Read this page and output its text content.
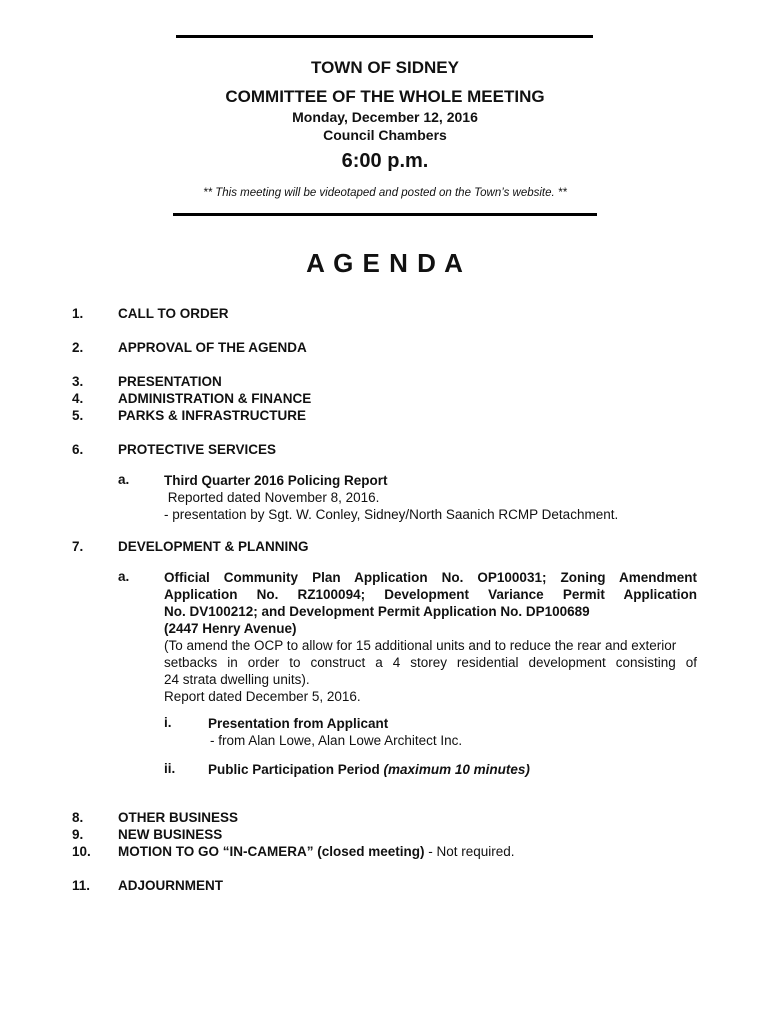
TOWN OF SIDNEY
COMMITTEE OF THE WHOLE MEETING
Monday, December 12, 2016
Council Chambers
6:00 p.m.
** This meeting will be videotaped and posted on the Town’s website. **
A G E N D A
1.	CALL TO ORDER
2.	APPROVAL OF THE AGENDA
3.	PRESENTATION
4.	ADMINISTRATION & FINANCE
5.	PARKS & INFRASTRUCTURE
6.	PROTECTIVE SERVICES
a.	Third Quarter 2016 Policing Report
Reported dated November 8, 2016.
- presentation by Sgt. W. Conley, Sidney/North Saanich RCMP Detachment.
7.	DEVELOPMENT & PLANNING
a.	Official Community Plan Application No. OP100031; Zoning Amendment
Application No. RZ100094; Development Variance Permit Application
No. DV100212; and Development Permit Application No. DP100689
(2447 Henry Avenue)
(To amend the OCP to allow for 15 additional units and to reduce the rear and exterior
setbacks in order to construct a 4 storey residential development consisting of
24 strata dwelling units).
Report dated December 5, 2016.
i.	Presentation from Applicant
- from Alan Lowe, Alan Lowe Architect Inc.
ii. Public Participation Period (maximum 10 minutes)
8.	OTHER BUSINESS
9.	NEW BUSINESS
10. MOTION TO GO “IN-CAMERA” (closed meeting) - Not required.
11. ADJOURNMENT
